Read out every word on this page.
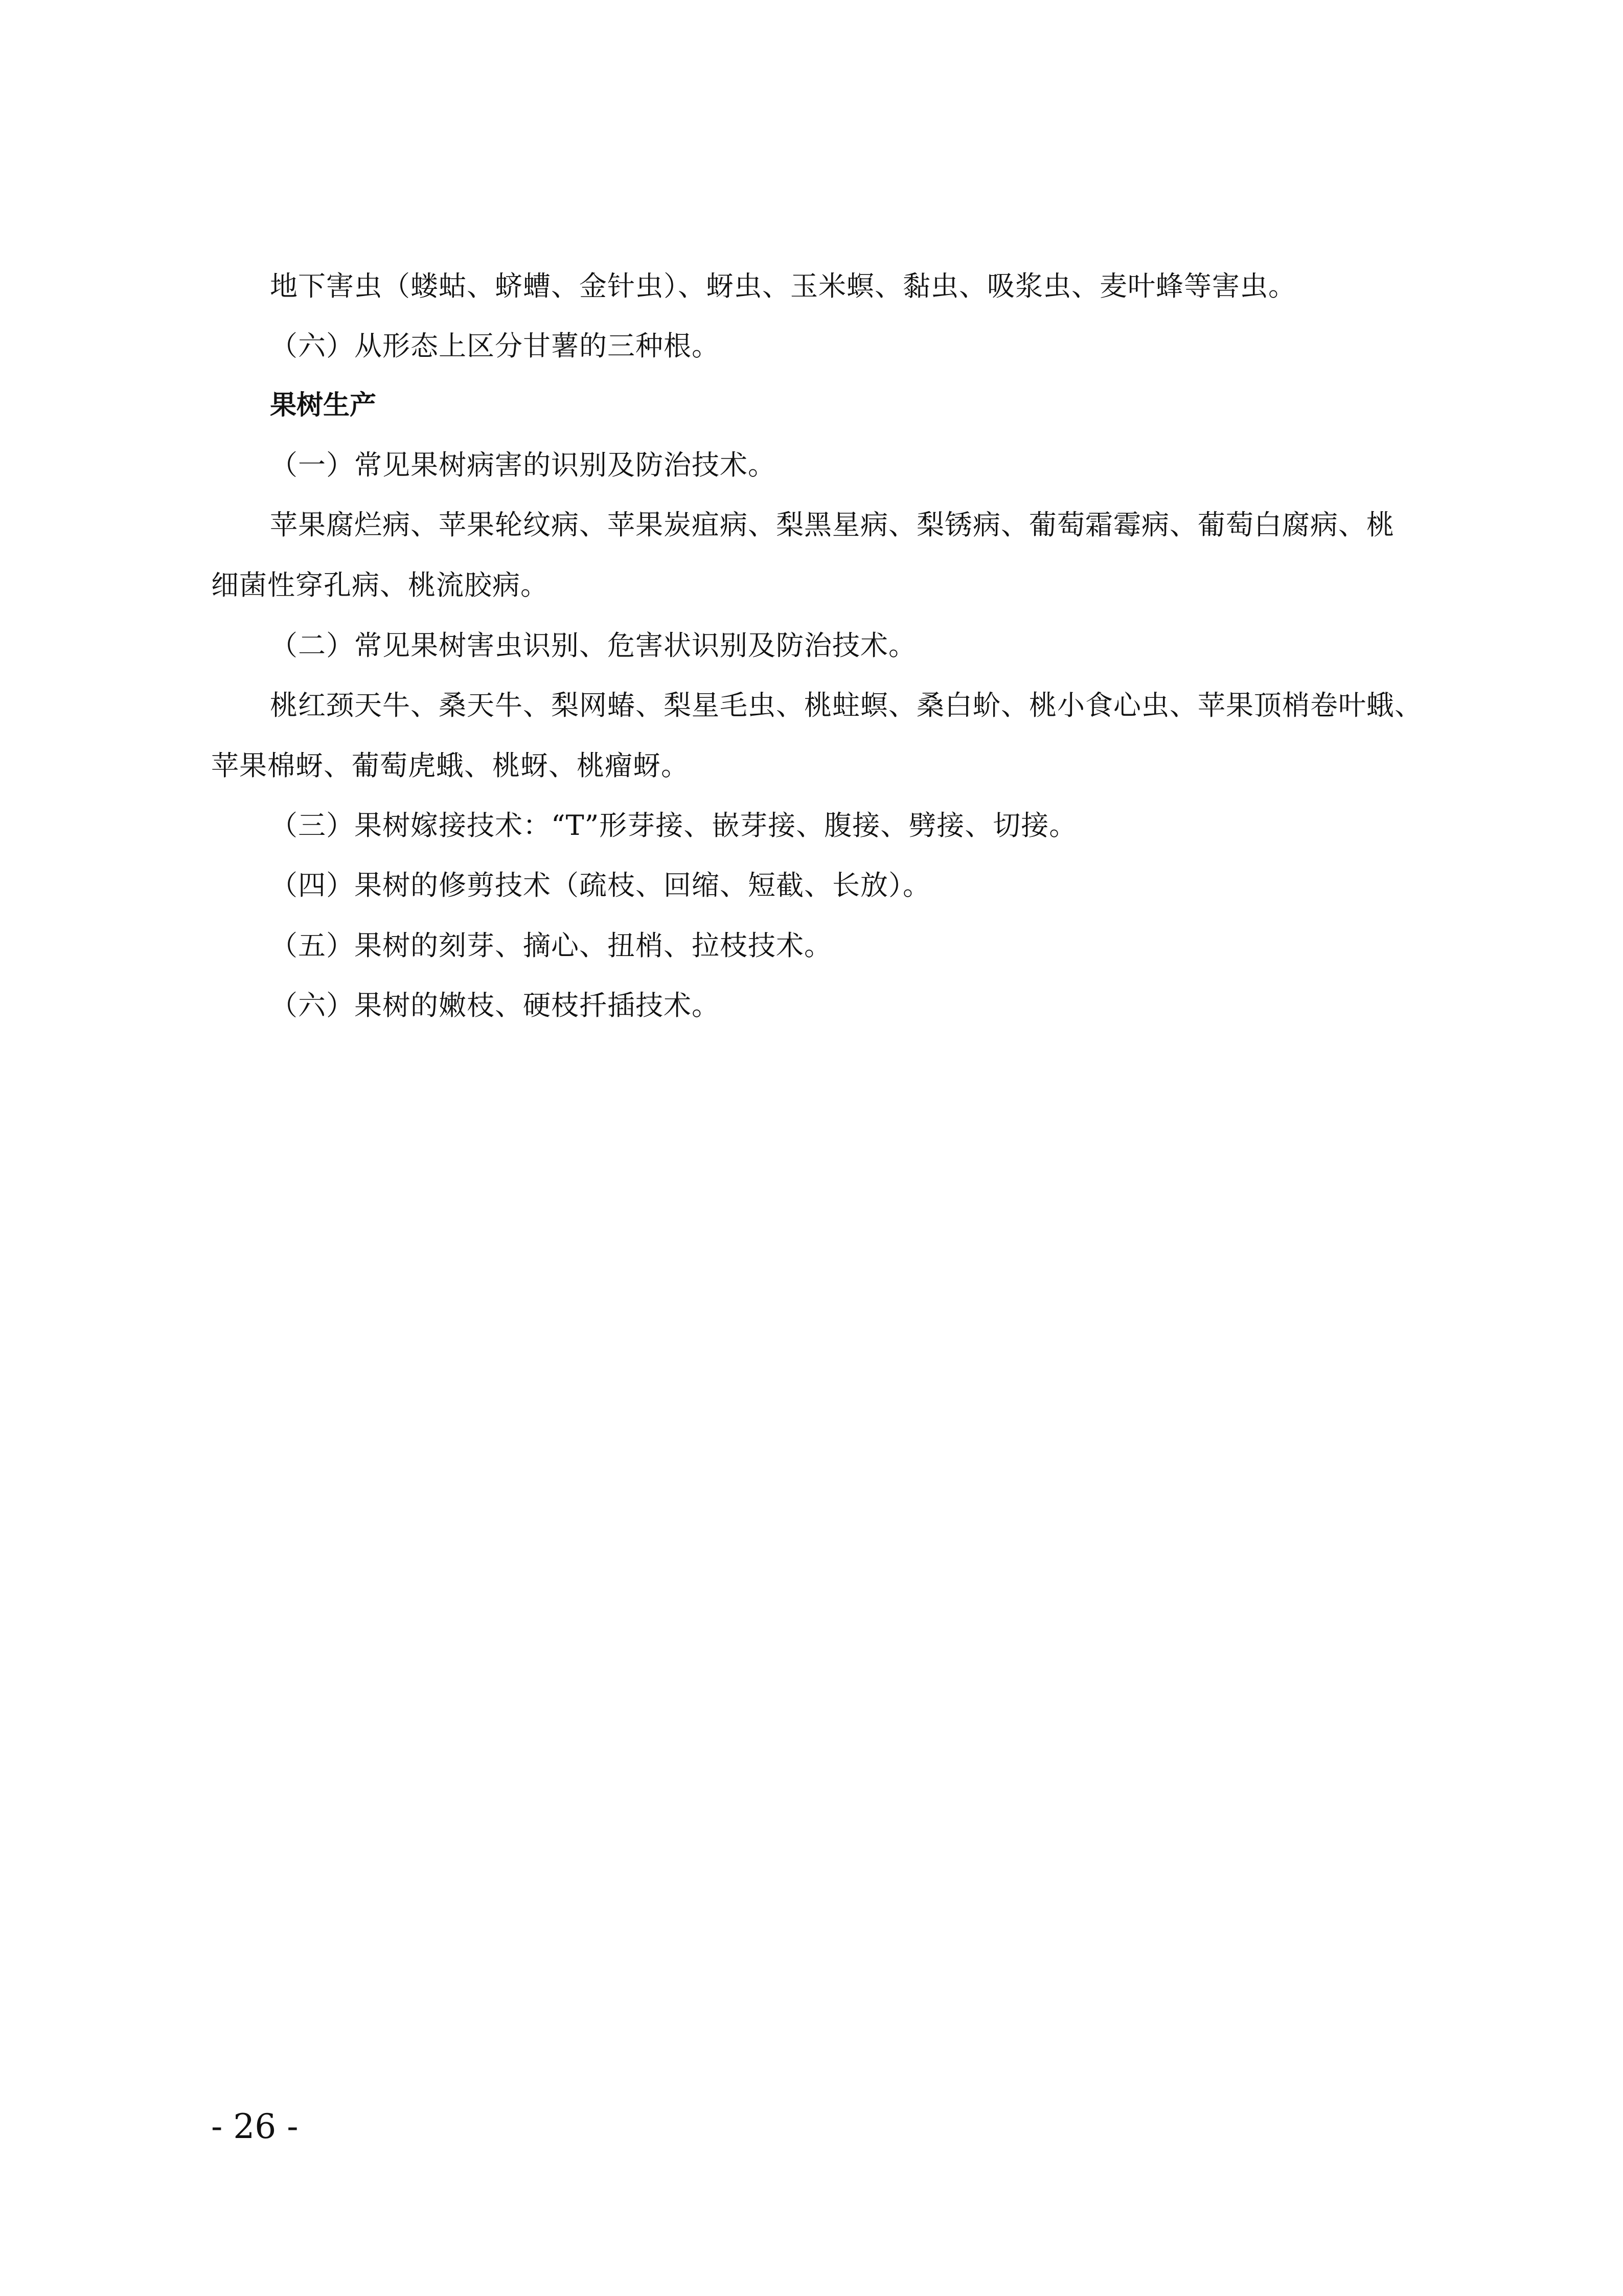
地下害虫（蝼蛄、蛴螬、金针虫）、蚜虫、玉米螟、黏虫、吸浆虫、麦叶蜂等害虫。

（六）从形态上区分甘薯的三种根。

果树生产

（一）常见果树病害的识别及防治技术。

苹果腐烂病、苹果轮纹病、苹果炭疽病、梨黑星病、梨锈病、葡萄霜霉病、葡萄白腐病、桃

细菌性穿孔病、桃流胶病。

（二）常见果树害虫识别、危害状识别及防治技术。

桃红颈天牛、桑天牛、梨网蝽、梨星毛虫、桃蛀螟、桑白蚧、桃小食心虫、苹果顶梢卷叶蛾、

苹果棉蚜、葡萄虎蛾、桃蚜、桃瘤蚜。

（三）果树嫁接技术：“T”形芽接、嵌芽接、腹接、劈接、切接。

（四）果树的修剪技术（疏枝、回缩、短截、长放）。

（五）果树的刻芽、摘心、扭梢、拉枝技术。

（六）果树的嫩枝、硬枝扦插技术。

- 26 -
